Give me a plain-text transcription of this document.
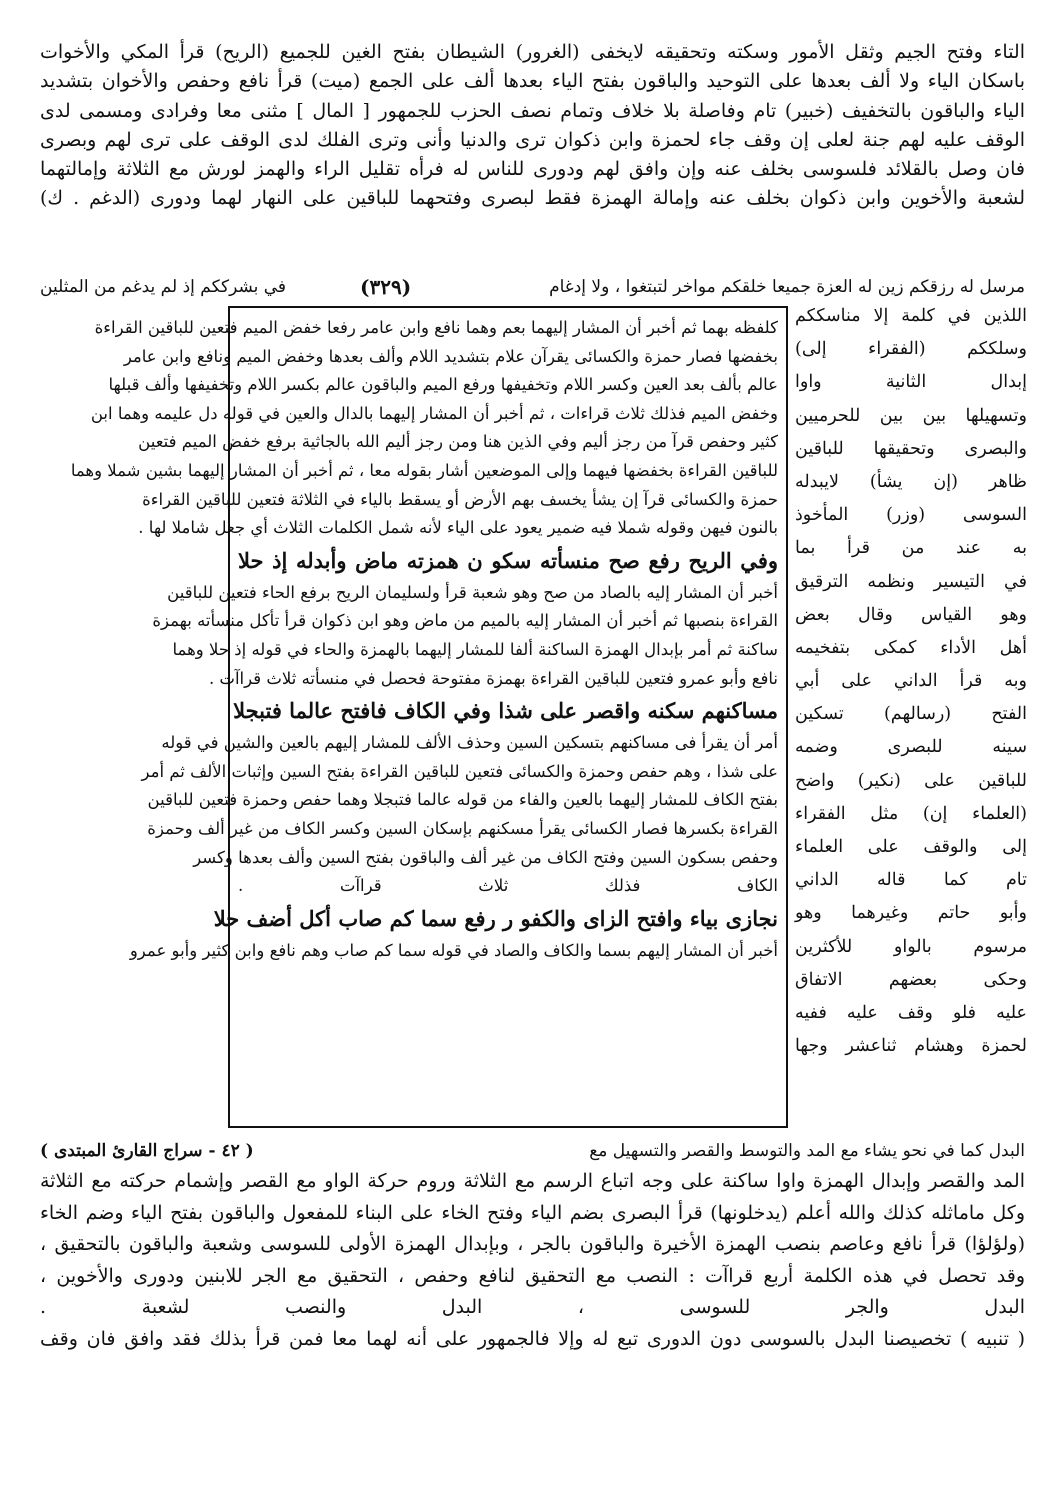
التاء وفتح الجيم وثقل الأمور وسكته وتحقيقه لايخفى (الغرور) الشيطان بفتح الغين للجميع (الريح) قرأ المكي والأخوات
باسكان الياء ولا ألف بعدها على التوحيد والباقون بفتح الياء بعدها ألف على الجمع (ميت) قرأ نافع وحفص والأخوان بتشديد
الياء والباقون بالتخفيف (خبير) تام وفاصلة بلا خلاف وتمام نصف الحزب للجمهور [ المال ] مثنى معا وفرادى ومسمى لدى
الوقف عليه لهم جنة لعلى إن وقف جاء لحمزة وابن ذكوان ترى والدنيا وأنى وترى الفلك لدى الوقف على ترى لهم وبصرى
فان وصل بالقلائد فلسوسى بخلف عنه وإن وافق لهم ودورى للناس له فرأه تقليل الراء والهمز لورش مع الثلاثة وإمالتهما
لشعبة والأخوين وابن ذكوان بخلف عنه وإمالة الهمزة فقط لبصرى وفتحهما للباقين على النهار لهما ودورى (الدغم . ك)
مرسل له رزقكم زين له العزة جميعا خلقكم مواخر لتبتغوا ، ولا إدغام
(٣٢٩)
في بشرككم إذ لم يدغم من المثلين
اللذين في كلمة إلا مناسككم
وسلككم (الفقراء إلى)
إبدال الثانية واوا
وتسهيلها بين بين للحرميين
والبصرى وتحقيقها للباقين
ظاهر (إن يشأ) لايبدله
السوسى (وزر) المأخوذ
به عند من قرأ بما
في التيسير ونظمه الترقيق
وهو القياس وقال بعض
أهل الأداء كمكى بتفخيمه
وبه قرأ الداني على أبي
الفتح (رسالهم) تسكين
سينه للبصرى وضمه
للباقين على (نكير) واضح
(العلماء إن) مثل الفقراء
إلى والوقف على العلماء
تام كما قاله الداني
وأبو حاتم وغيرهما وهو
مرسوم بالواو للأكثرين
وحكى بعضهم الاتفاق
عليه فلو وقف عليه ففيه
لحمزة وهشام ثناعشر وجها
كلفظه بهما ثم أخبر أن المشار إليهما بعم وهما نافع وابن عامر رفعا خفض الميم فتعين للباقين القراءة
بخفضها فصار حمزة والكسائى يقرآن علام بتشديد اللام وألف بعدها وخفض الميم ونافع وابن عامر
عالم بألف بعد العين وكسر اللام وتخفيفها ورفع الميم والباقون عالم بكسر اللام وتخفيفها وألف قبلها
وخفض الميم فذلك ثلاث قراءات ، ثم أخبر أن المشار إليهما بالدال والعين في قوله دل عليمه وهما ابن
كثير وحفص قرآ من رجز أليم وفي الذين هنا ومن رجز أليم الله بالجاثية برفع خفض الميم فتعين
للباقين القراءة بخفضها فيهما وإلى الموضعين أشار بقوله معا ، ثم أخبر أن المشار إليهما بشين شملا وهما
حمزة والكسائى قرآ إن يشأ يخسف بهم الأرض أو يسقط بالياء في الثلاثة فتعين للباقين القراءة
بالنون فيهن وقوله شملا فيه ضمير يعود على الياء لأنه شمل الكلمات الثلاث أي جعل شاملا لها .
وفي الريح رفع صح منسأته سكو ن همزته ماض وأبدله إذ حلا
أخبر أن المشار إليه بالصاد من صح وهو شعبة قرأ ولسليمان الريح برفع الحاء فتعين للباقين
القراءة بنصبها ثم أخبر أن المشار إليه بالميم من ماض وهو ابن ذكوان قرأ تأكل منسأته بهمزة
ساكنة ثم أمر بإبدال الهمزة الساكنة ألفا للمشار إليهما بالهمزة والحاء في قوله إذ حلا وهما
نافع وأبو عمرو فتعين للباقين القراءة بهمزة مفتوحة فحصل في منسأته ثلاث قراآت .
مساكنهم سكنه واقصر على شذا وفي الكاف فافتح عالما فتبجلا
أمر أن يقرأ فى مساكنهم بتسكين السين وحذف الألف للمشار إليهم بالعين والشين في قوله
على شذا ، وهم حفص وحمزة والكسائى فتعين للباقين القراءة بفتح السين وإثبات الألف ثم أمر
بفتح الكاف للمشار إليهما بالعين والفاء من قوله عالما فتبجلا وهما حفص وحمزة فتعين للباقين
القراءة بكسرها فصار الكسائى يقرأ مسكنهم بإسكان السين وكسر الكاف من غير ألف وحمزة
وحفص بسكون السين وفتح الكاف من غير ألف والباقون بفتح السين وألف بعدها وكسر
الكاف فذلك ثلاث قراآت .
نجازى بياء وافتح الزاى والكفو ر رفع سما كم صاب أكل أضف حلا
أخبر أن المشار إليهم بسما والكاف والصاد في قوله سما كم صاب وهم نافع وابن كثير وأبو عمرو
البدل كما في نحو يشاء مع المد والتوسط والقصر والتسهيل مع
( ٤٢ - سراج القارئ المبتدى )
المد والقصر وإبدال الهمزة واوا ساكنة على وجه اتباع الرسم مع الثلاثة وروم حركة الواو مع القصر وإشمام حركته مع الثلاثة
وكل ماماثله كذلك والله أعلم (يدخلونها) قرأ البصرى بضم الياء وفتح الخاء على البناء للمفعول والباقون بفتح الياء وضم الخاء
(ولؤلؤا) قرأ نافع وعاصم بنصب الهمزة الأخيرة والباقون بالجر ، وبإبدال الهمزة الأولى للسوسى وشعبة والباقون بالتحقيق ،
وقد تحصل في هذه الكلمة أربع قراآت : النصب مع التحقيق لنافع وحفص ، التحقيق مع الجر للابنين ودورى والأخوين ،
البدل والجر للسوسى ، البدل والنصب لشعبة .
( تنبيه ) تخصيصنا البدل بالسوسى دون الدورى تبع له وإلا فالجمهور على أنه لهما معا فمن قرأ بذلك فقد وافق فان وقف
